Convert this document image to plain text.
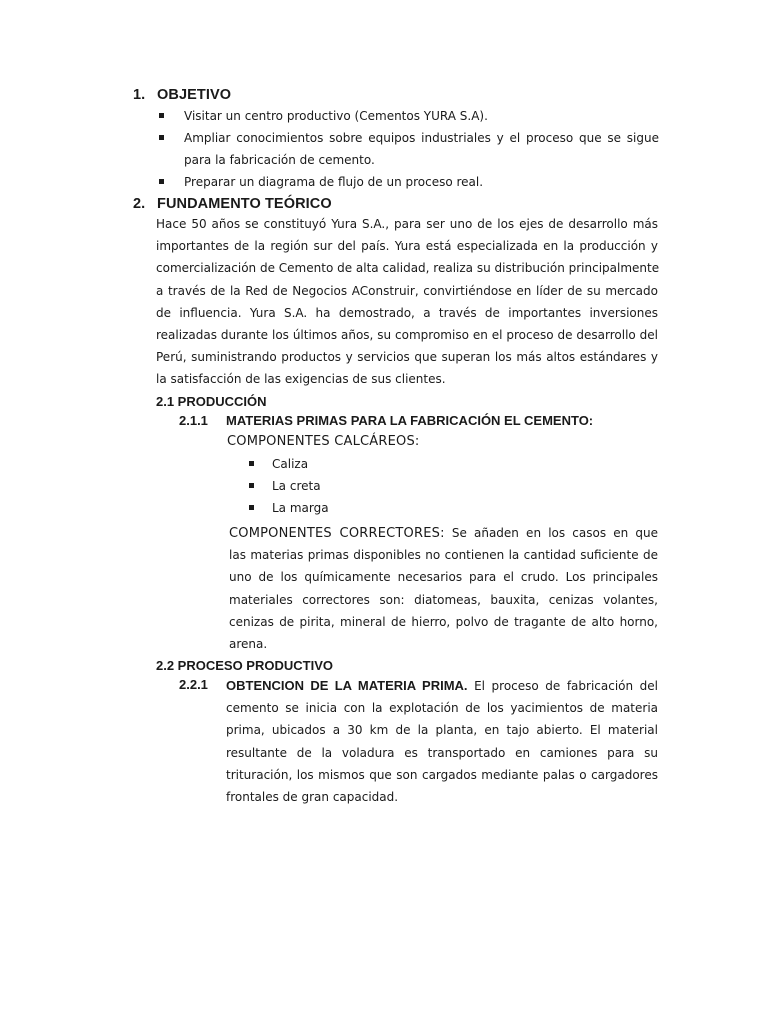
1. OBJETIVO
Visitar un centro productivo (Cementos YURA S.A).
Ampliar conocimientos sobre equipos industriales y el proceso que se sigue
para la fabricación de cemento.
Preparar un diagrama de flujo de un proceso real.
2. FUNDAMENTO TEÓRICO
Hace 50 años se constituyó Yura S.A., para ser uno de los ejes de desarrollo más
importantes de la región sur del país. Yura está especializada en la producción y
comercialización de Cemento de alta calidad, realiza su distribución principalmente
a través de la Red de Negocios AConstruir, convirtiéndose en líder de su mercado
de influencia. Yura S.A. ha demostrado, a través de importantes inversiones
realizadas durante los últimos años, su compromiso en el proceso de desarrollo del
Perú, suministrando productos y servicios que superan los más altos estándares y
la satisfacción de las exigencias de sus clientes.
2.1 PRODUCCIÓN
2.1.1 MATERIAS PRIMAS PARA LA FABRICACIÓN EL CEMENTO:
COMPONENTES CALCÁREOS:
Caliza
La creta
La marga
COMPONENTES CORRECTORES: Se añaden en los casos en que
las materias primas disponibles no contienen la cantidad suficiente de
uno de los químicamente necesarios para el crudo. Los principales
materiales correctores son: diatomeas, bauxita, cenizas volantes,
cenizas de pirita, mineral de hierro, polvo de tragante de alto horno,
arena.
2.2 PROCESO PRODUCTIVO
2.2.1	OBTENCION DE LA MATERIA PRIMA. El proceso de fabricación del
cemento se inicia con la explotación de los yacimientos de materia
prima, ubicados a 30 km de la planta, en tajo abierto. El material
resultante de la voladura es transportado en camiones para su
trituración, los mismos que son cargados mediante palas o cargadores
frontales de gran capacidad.
